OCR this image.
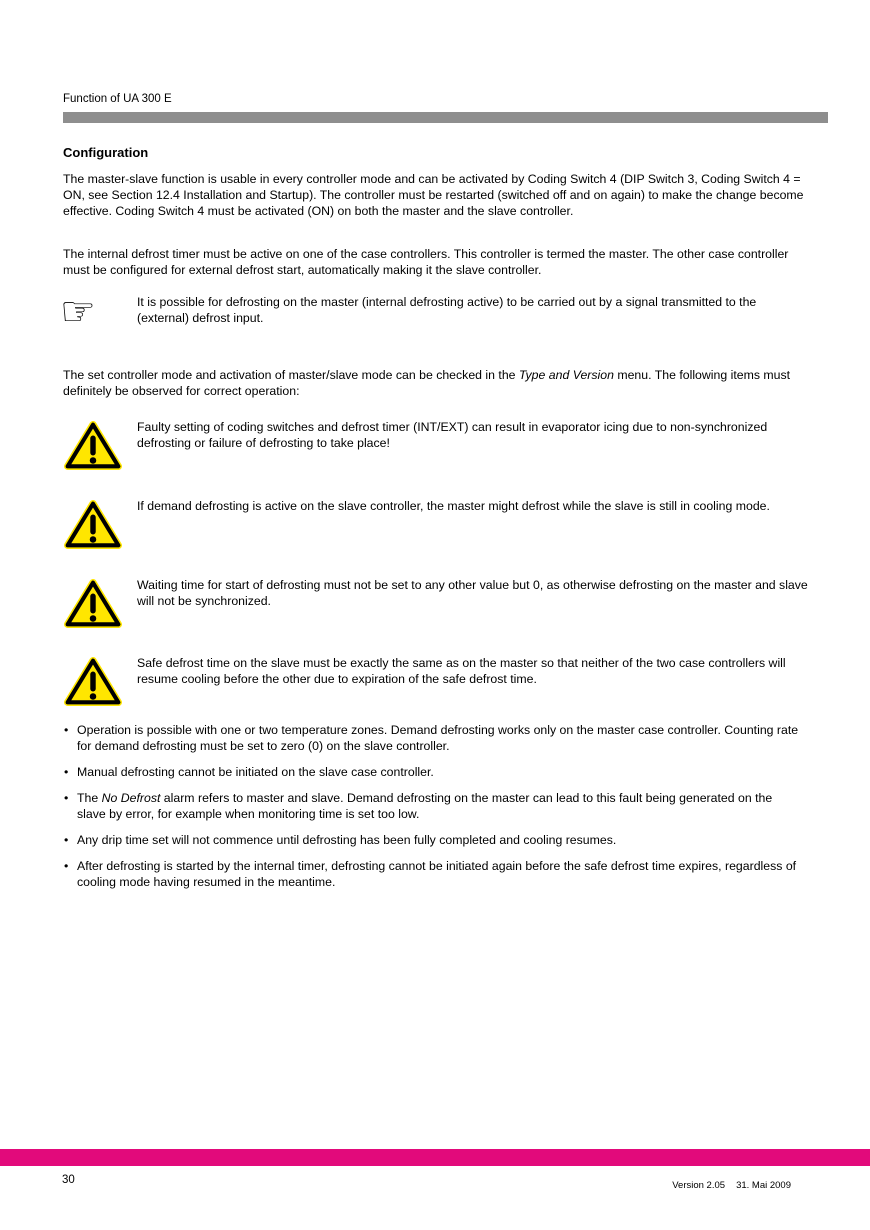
Function of UA 300 E
Configuration
The master-slave function is usable in every controller mode and can be activated by Coding Switch 4 (DIP Switch 3, Coding Switch 4 = ON, see Section 12.4 Installation and Startup). The controller must be restarted (switched off and on again) to make the change become effective. Coding Switch 4 must be activated (ON) on both the master and the slave controller.
The internal defrost timer must be active on one of the case controllers. This controller is termed the master. The other case controller must be configured for external defrost start, automatically making it the slave controller.
☞	It is possible for defrosting on the master (internal defrosting active) to be carried out by a signal transmitted to the (external) defrost input.
The set controller mode and activation of master/slave mode can be checked in the Type and Version menu. The following items must definitely be observed for correct operation:
Faulty setting of coding switches and defrost timer (INT/EXT) can result in evaporator icing due to non-synchronized defrosting or failure of defrosting to take place!
If demand defrosting is active on the slave controller, the master might defrost while the slave is still in cooling mode.
Waiting time for start of defrosting must not be set to any other value but 0, as otherwise defrosting on the master and slave will not be synchronized.
Safe defrost time on the slave must be exactly the same as on the master so that neither of the two case controllers will resume cooling before the other due to expiration of the safe defrost time.
• Operation is possible with one or two temperature zones. Demand defrosting works only on the master case controller. Counting rate for demand defrosting must be set to zero (0) on the slave controller.
• Manual defrosting cannot be initiated on the slave case controller.
• The No Defrost alarm refers to master and slave. Demand defrosting on the master can lead to this fault being generated on the slave by error, for example when monitoring time is set too low.
• Any drip time set will not commence until defrosting has been fully completed and cooling resumes.
• After defrosting is started by the internal timer, defrosting cannot be initiated again before the safe defrost time expires, regardless of cooling mode having resumed in the meantime.
30	Version 2.05 31. Mai 2009
